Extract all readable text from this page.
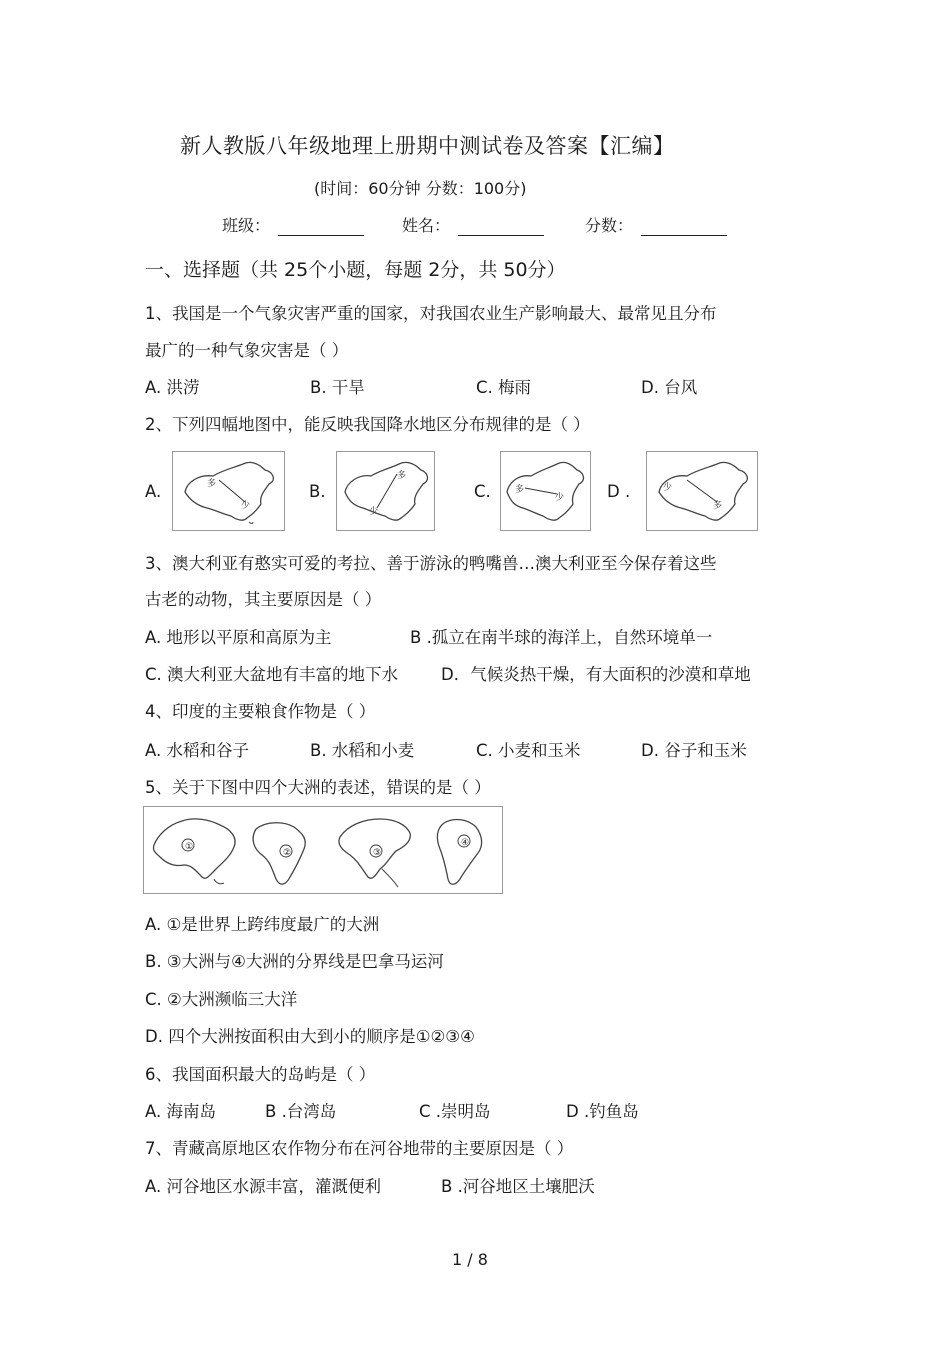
新人教版八年级地理上册期中测试卷及答案【汇编】
(时间：60分钟 分数：100分)
班级：	姓名：	分数：
一、选择题（共 25个小题，每题 2分，共 50分）
1、我国是一个气象灾害严重的国家，对我国农业生产影响最大、最常见且分布
最广的一种气象灾害是（ ）
A. 洪涝	B. 干旱	C. 梅雨	D. 台风
2、下列四幅地图中，能反映我国降水地区分布规律的是（ ）
A.	多
少
B.
多
少
C.	多
少	D .
多
少
3、澳大利亚有憨实可爱的考拉、善于游泳的鸭嘴兽…澳大利亚至今保存着这些
古老的动物，其主要原因是（ ）
A. 地形以平原和高原为主	B .孤立在南半球的海洋上，自然环境单一
C. 澳大利亚大盆地有丰富的地下水	D．气候炎热干燥，有大面积的沙漠和草地
4、印度的主要粮食作物是（ ）
A. 水稻和谷子	B. 水稻和小麦	C. 小麦和玉米	D. 谷子和玉米
5、关于下图中四个大洲的表述，错误的是（ ）
①
②	③
④
A. ①是世界上跨纬度最广的大洲
B. ③大洲与④大洲的分界线是巴拿马运河
C. ②大洲濒临三大洋
D. 四个大洲按面积由大到小的顺序是①②③④
6、我国面积最大的岛屿是（ ）
A. 海南岛	B .台湾岛	C .崇明岛	D .钓鱼岛
7、青藏高原地区农作物分布在河谷地带的主要原因是（ ）
A. 河谷地区水源丰富，灌溉便利	B .河谷地区土壤肥沃
1 / 8
